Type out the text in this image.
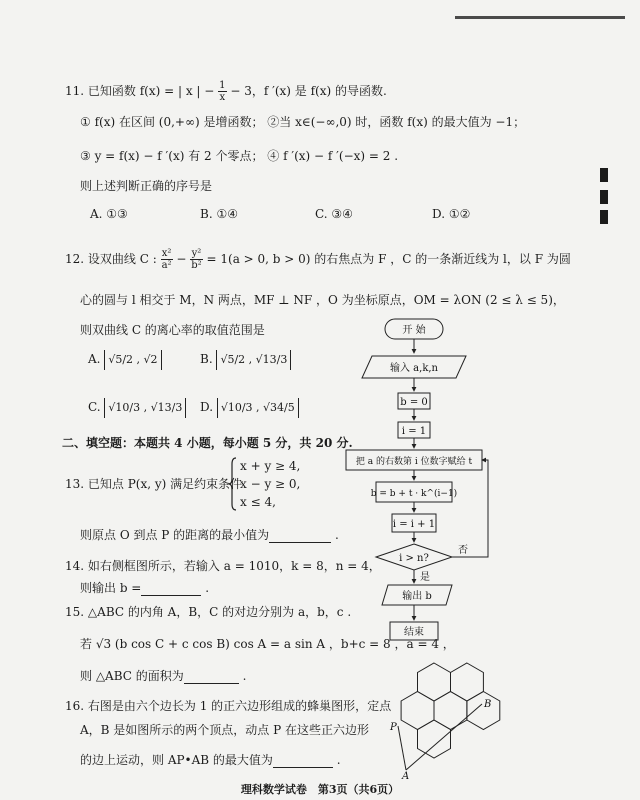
11. 已知函数 f(x) = | x | − $\frac{1}{x} - 3$，f ′(x) 是 f(x) 的导函数.
① f(x) 在区间 (0,+∞) 是增函数； ②当 x∈(−∞,0) 时，函数 f(x) 的最大值为 −1；
③ y = f(x) − f ′(x) 有 2 个零点； ④ f ′(x) − f ′(−x) = 2 .
则上述判断正确的序号是
A. ①③	B. ①④	C. ③④	D. ①②
12. 设双曲线 C : $\frac{\text{x²}}{\text{a²}} - \frac{\text{y²}}{\text{b²}} = 1(a > 0$, b > 0) 的右焦点为 F ，C 的一条渐近线为 l，以 F 为圆
心的圆与 l 相交于 M，N 两点，MF ⊥ NF ，O 为坐标原点，OM = λON (2 ≤ λ ≤ 5)，
则双曲线 C 的离心率的取值范围是
A. √5/2 , √2	B. √5/2 , √13/3
C. √10/3 , √13/3	D. √10/3 , √34/5
二、填空题：本题共 4 小题，每小题 5 分，共 20 分.
13. 已知点 P(x, y) 满足约束条件
x + y ≥ 4,
x − y ≥ 0,
x ≤ 4,
则原点 O 到点 P 的距离的最小值为	.
14. 如右侧框图所示，若输入 a = 1010，k = 8，n = 4，
则输出 b =	.
15. △ABC 的内角 A，B，C 的对边分别为 a，b，c .
若 √3 (b cos C + c cos B) cos A = a sin A ，b+c = 8 ，a = 4 ，
则 △ABC 的面积为	.
16. 右图是由六个边长为 1 的正六边形组成的蜂巢图形，定点
A，B 是如图所示的两个顶点，动点 P 在这些正六边形
的边上运动，则 AP•AB 的最大值为	.
开 始
输入 a,k,n
b = 0
i = 1
把 a 的右数第 i 位数字赋给 t
b = b + t · k^(i−1)
i = i + 1
i > n?
否
是
输出 b
结束
B
P
A
理科数学试卷　第3页（共6页）
